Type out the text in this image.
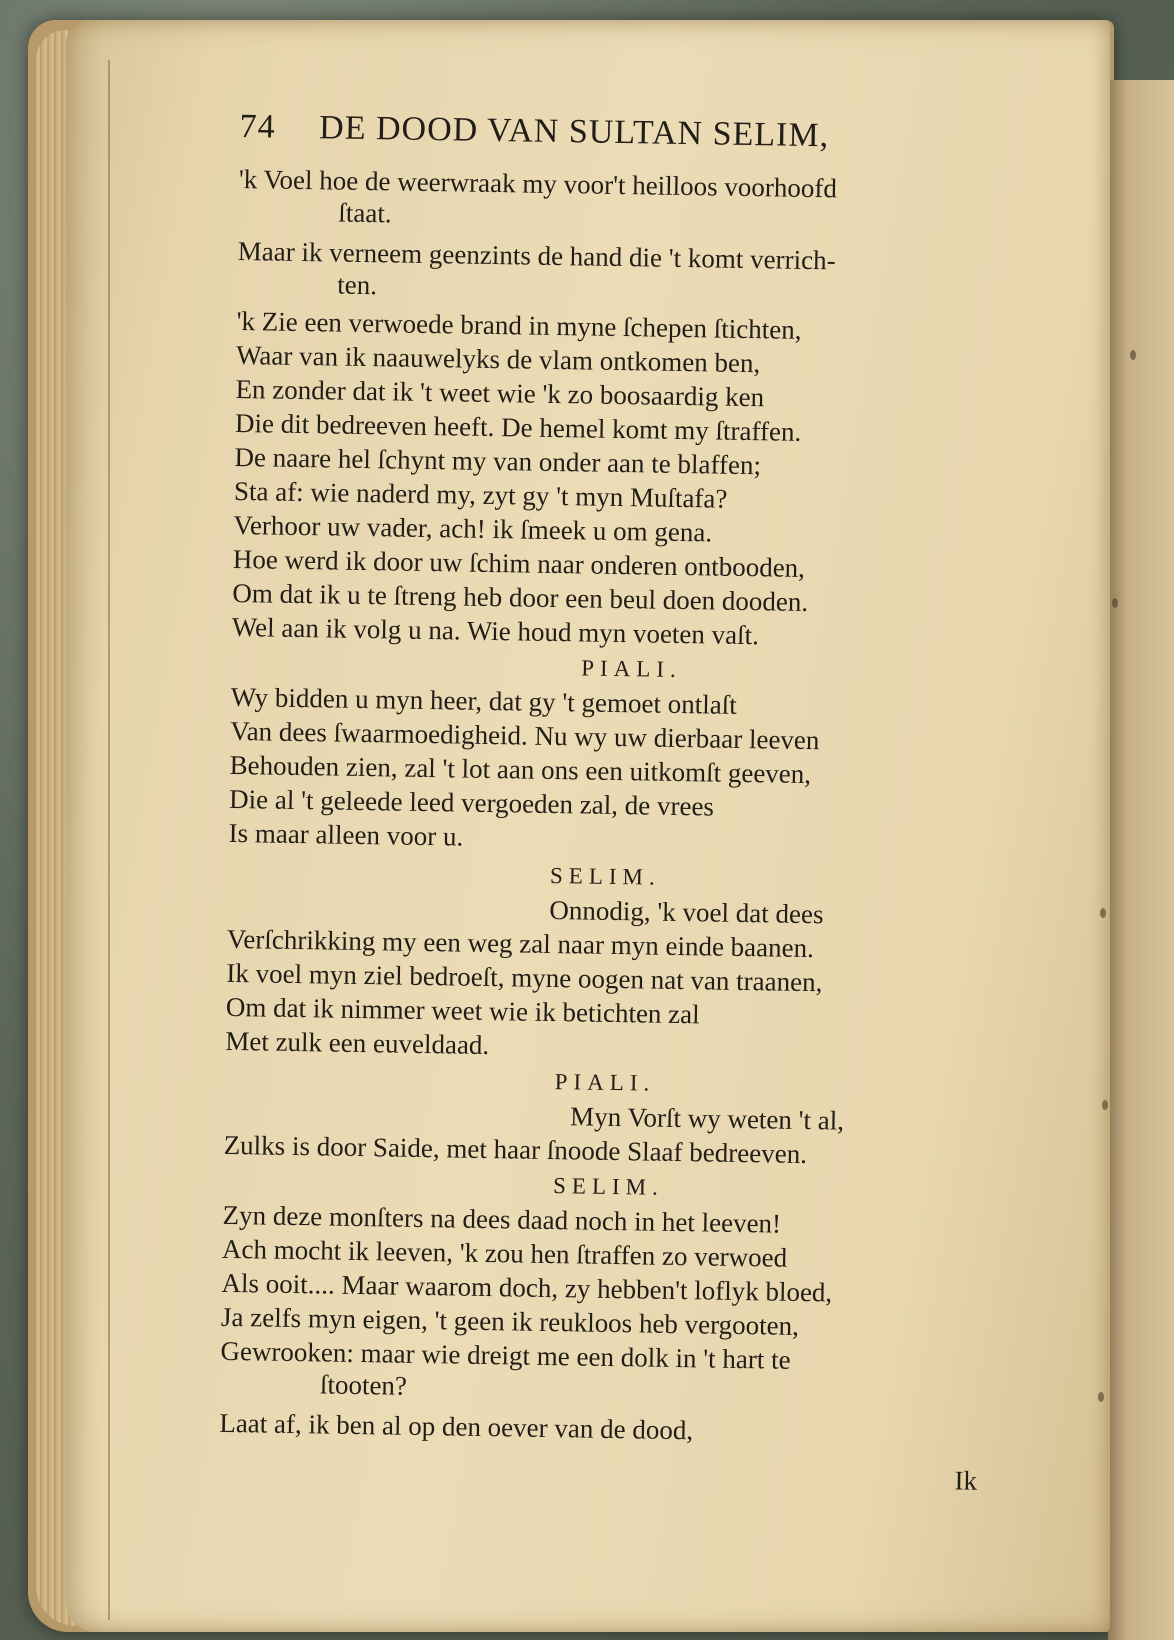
74 DE DOOD VAN SULTAN SELIM,
'k Voel hoe de weerwraak my voor't heilloos voorhoofd
ſtaat.
Maar ik verneem geenzints de hand die 't komt verrich-
ten.
'k Zie een verwoede brand in myne ſchepen ſtichten,
Waar van ik naauwelyks de vlam ontkomen ben,
En zonder dat ik 't weet wie 'k zo boosaardig ken
Die dit bedreeven heeft. De hemel komt my ſtraffen.
De naare hel ſchynt my van onder aan te blaffen;
Sta af: wie naderd my, zyt gy 't myn Muſtafa?
Verhoor uw vader, ach! ik ſmeek u om gena.
Hoe werd ik door uw ſchim naar onderen ontbooden,
Om dat ik u te ſtreng heb door een beul doen dooden.
Wel aan ik volg u na. Wie houd myn voeten vaſt.
PIALI.
Wy bidden u myn heer, dat gy 't gemoet ontlaſt
Van dees ſwaarmoedigheid. Nu wy uw dierbaar leeven
Behouden zien, zal 't lot aan ons een uitkomſt geeven,
Die al 't geleede leed vergoeden zal, de vrees
Is maar alleen voor u.
SELIM.
Onnodig, 'k voel dat dees
Verſchrikking my een weg zal naar myn einde baanen.
Ik voel myn ziel bedroeſt, myne oogen nat van traanen,
Om dat ik nimmer weet wie ik betichten zal
Met zulk een euveldaad.
PIALI.
Myn Vorſt wy weten 't al,
Zulks is door Saide, met haar ſnoode Slaaf bedreeven.
SELIM.
Zyn deze monſters na dees daad noch in het leeven!
Ach mocht ik leeven, 'k zou hen ſtraffen zo verwoed
Als ooit.... Maar waarom doch, zy hebben't loflyk bloed,
Ja zelfs myn eigen, 't geen ik reukloos heb vergooten,
Gewrooken: maar wie dreigt me een dolk in 't hart te
ſtooten?
Laat af, ik ben al op den oever van de dood,
Ik
